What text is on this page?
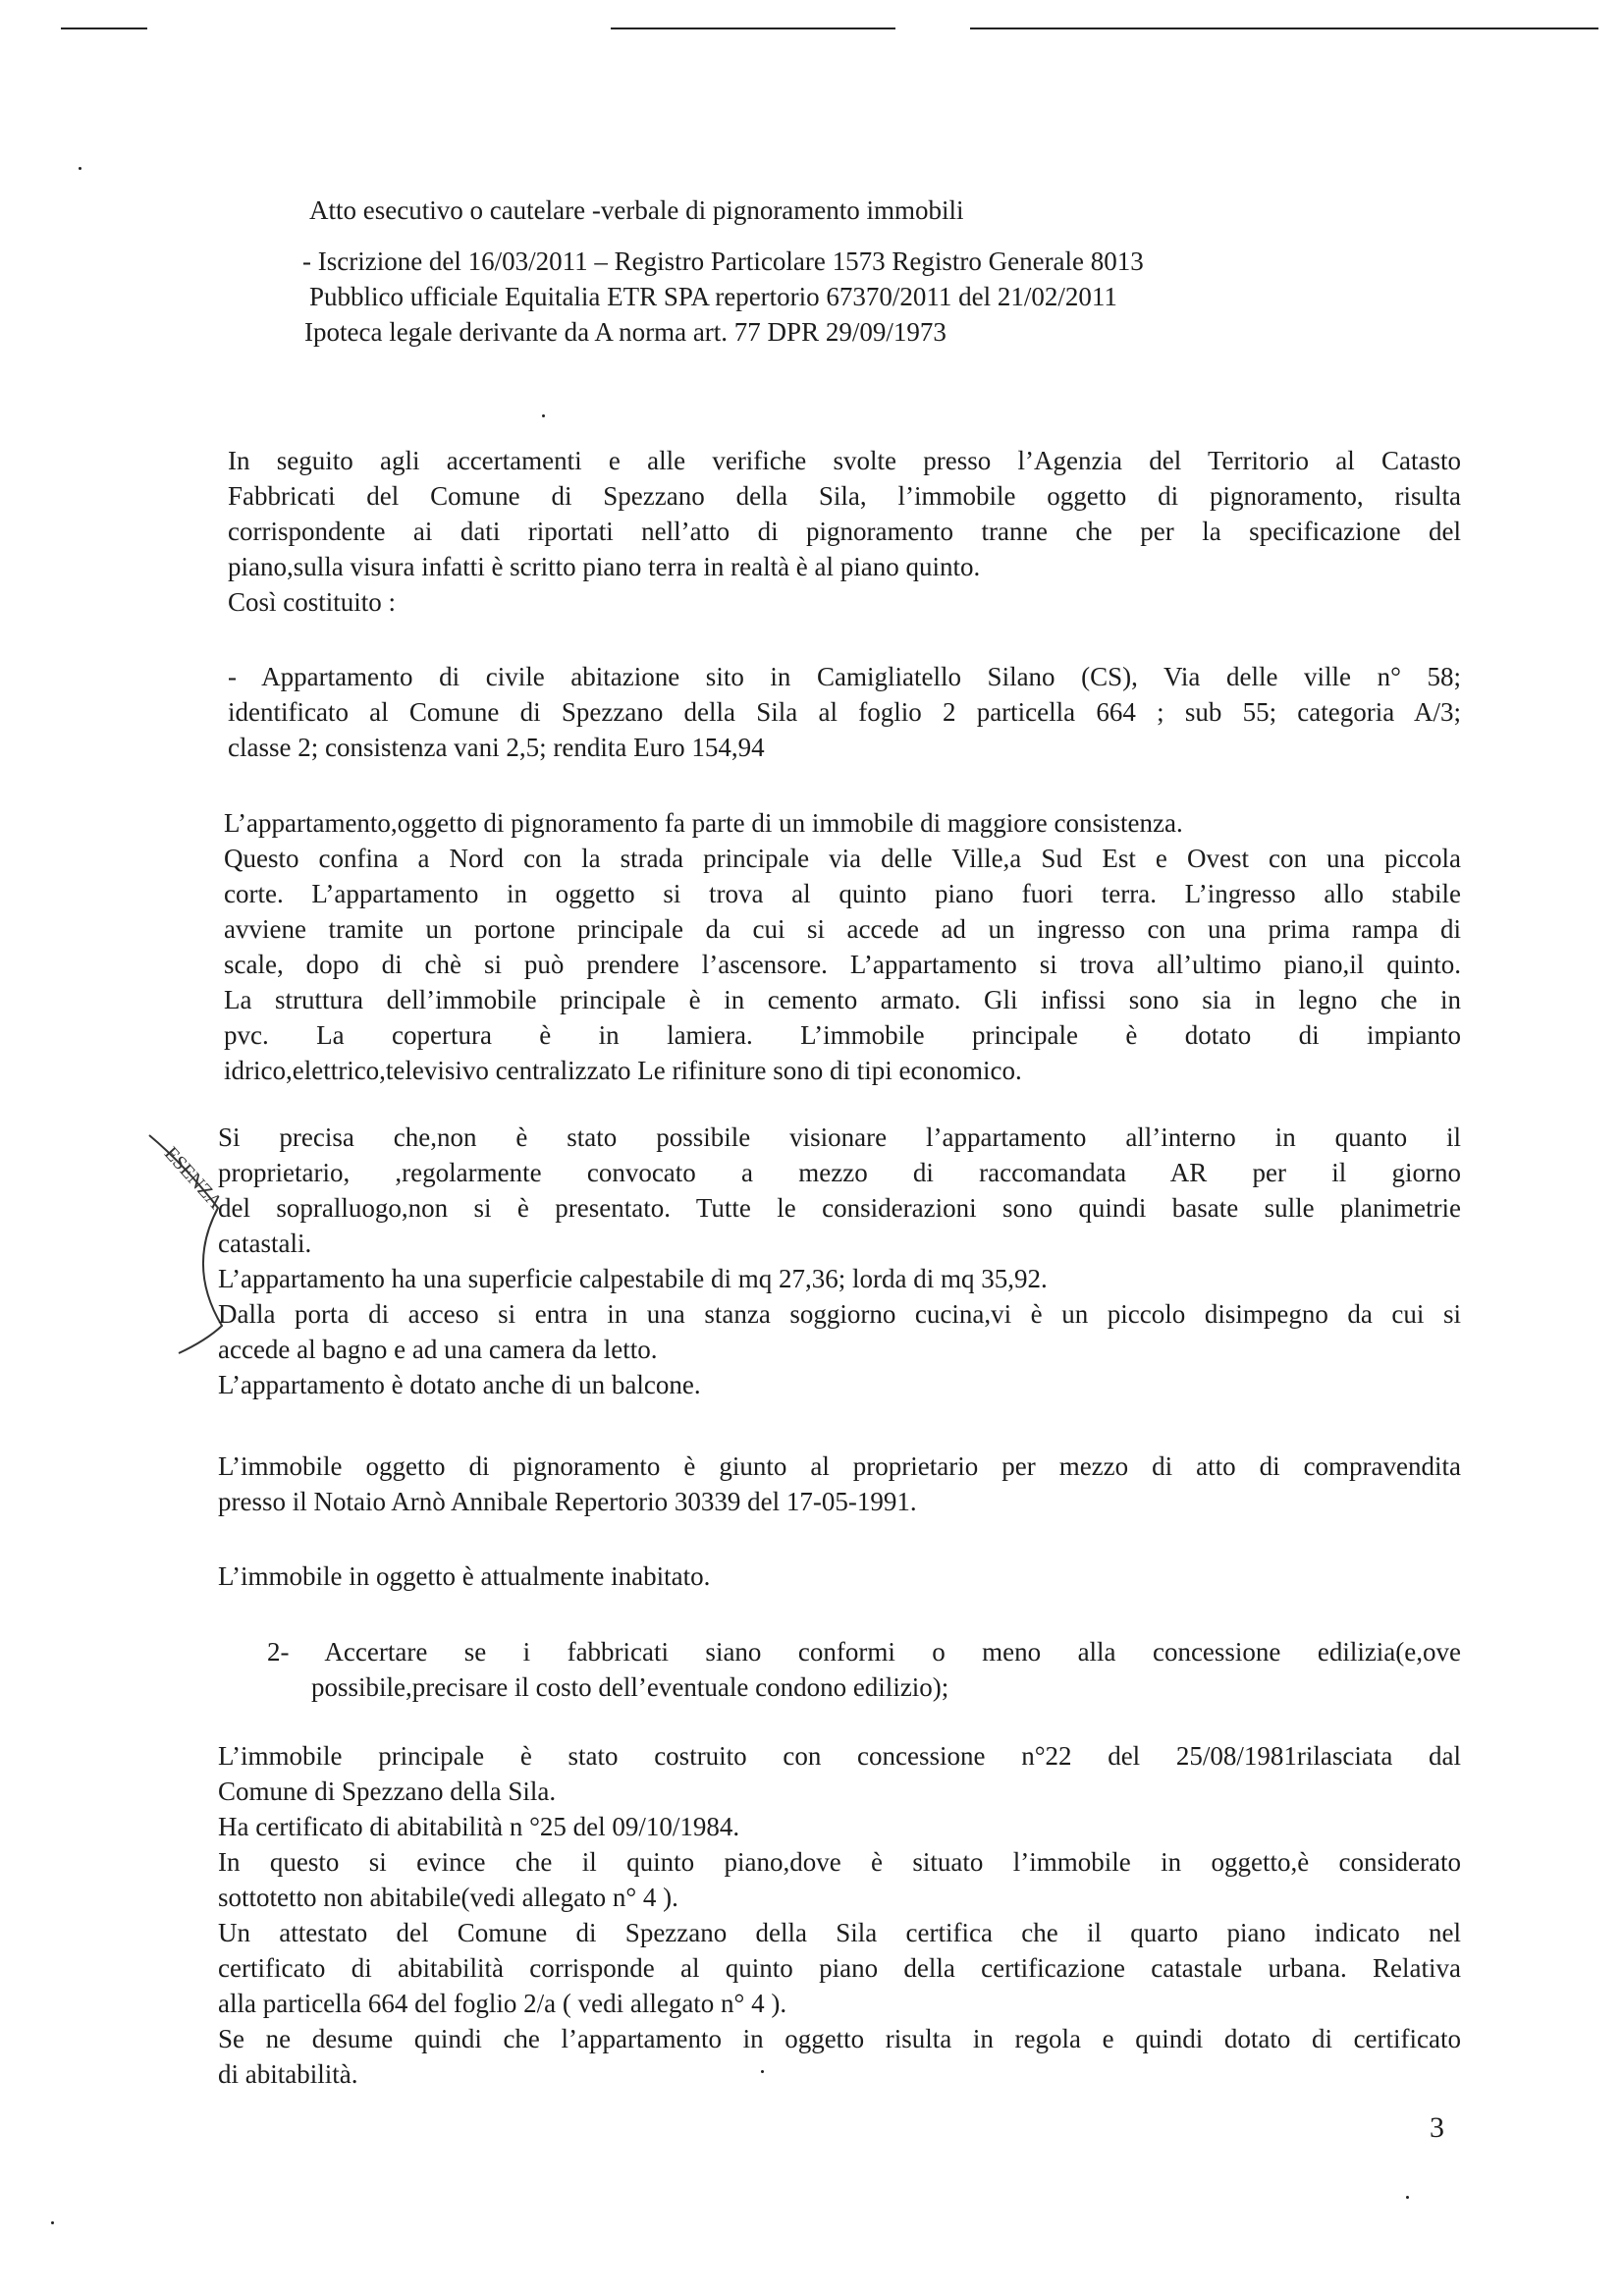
Atto esecutivo o cautelare -verbale di pignoramento immobili
- Iscrizione del 16/03/2011 – Registro Particolare 1573 Registro Generale 8013
Pubblico ufficiale Equitalia ETR SPA repertorio 67370/2011 del 21/02/2011
Ipoteca legale derivante da A norma art. 77 DPR 29/09/1973
In seguito agli accertamenti e alle verifiche svolte presso l’Agenzia del Territorio al Catasto
Fabbricati del Comune di Spezzano della Sila, l’immobile oggetto di pignoramento, risulta
corrispondente ai dati riportati nell’atto di pignoramento tranne che per la specificazione del
piano,sulla visura infatti è scritto piano terra in realtà è al piano quinto.
Così costituito :
- Appartamento di civile abitazione sito in Camigliatello Silano (CS), Via delle ville n° 58;
identificato al Comune di Spezzano della Sila al foglio 2 particella 664 ; sub 55; categoria A/3;
classe 2; consistenza vani 2,5; rendita Euro 154,94
L’appartamento,oggetto di pignoramento fa parte di un immobile di maggiore consistenza.
Questo confina a Nord con la strada principale via delle Ville,a Sud Est e Ovest con una piccola
corte. L’appartamento in oggetto si trova al quinto piano fuori terra. L’ingresso allo stabile
avviene tramite un portone principale da cui si accede ad un ingresso con una prima rampa di
scale, dopo di chè si può prendere l’ascensore. L’appartamento si trova all’ultimo piano,il quinto.
La struttura dell’immobile principale è in cemento armato. Gli infissi sono sia in legno che in
pvc. La copertura è in lamiera. L’immobile principale è dotato di impianto
idrico,elettrico,televisivo centralizzato Le rifiniture sono di tipi economico.
ESENZA
Si precisa che,non è stato possibile visionare l’appartamento all’interno in quanto il
proprietario, ,regolarmente convocato a mezzo di raccomandata AR per il giorno
del sopralluogo,non si è presentato. Tutte le considerazioni sono quindi basate sulle planimetrie
catastali.
L’appartamento ha una superficie calpestabile di mq 27,36; lorda di mq 35,92.
Dalla porta di acceso si entra in una stanza soggiorno cucina,vi è un piccolo disimpegno da cui si
accede al bagno e ad una camera da letto.
L’appartamento è dotato anche di un balcone.
L’immobile oggetto di pignoramento è giunto al proprietario per mezzo di atto di compravendita
presso il Notaio Arnò Annibale Repertorio 30339 del 17-05-1991.
L’immobile in oggetto è attualmente inabitato.
2- Accertare se i fabbricati siano conformi o meno alla concessione edilizia(e,ove
possibile,precisare il costo dell’eventuale condono edilizio);
L’immobile principale è stato costruito con concessione n°22 del 25/08/1981rilasciata dal
Comune di Spezzano della Sila.
Ha certificato di abitabilità n °25 del 09/10/1984.
In questo si evince che il quinto piano,dove è situato l’immobile in oggetto,è considerato
sottotetto non abitabile(vedi allegato n° 4 ).
Un attestato del Comune di Spezzano della Sila certifica che il quarto piano indicato nel
certificato di abitabilità corrisponde al quinto piano della certificazione catastale urbana. Relativa
alla particella 664 del foglio 2/a ( vedi allegato n° 4 ).
Se ne desume quindi che l’appartamento in oggetto risulta in regola e quindi dotato di certificato
di abitabilità.
3
